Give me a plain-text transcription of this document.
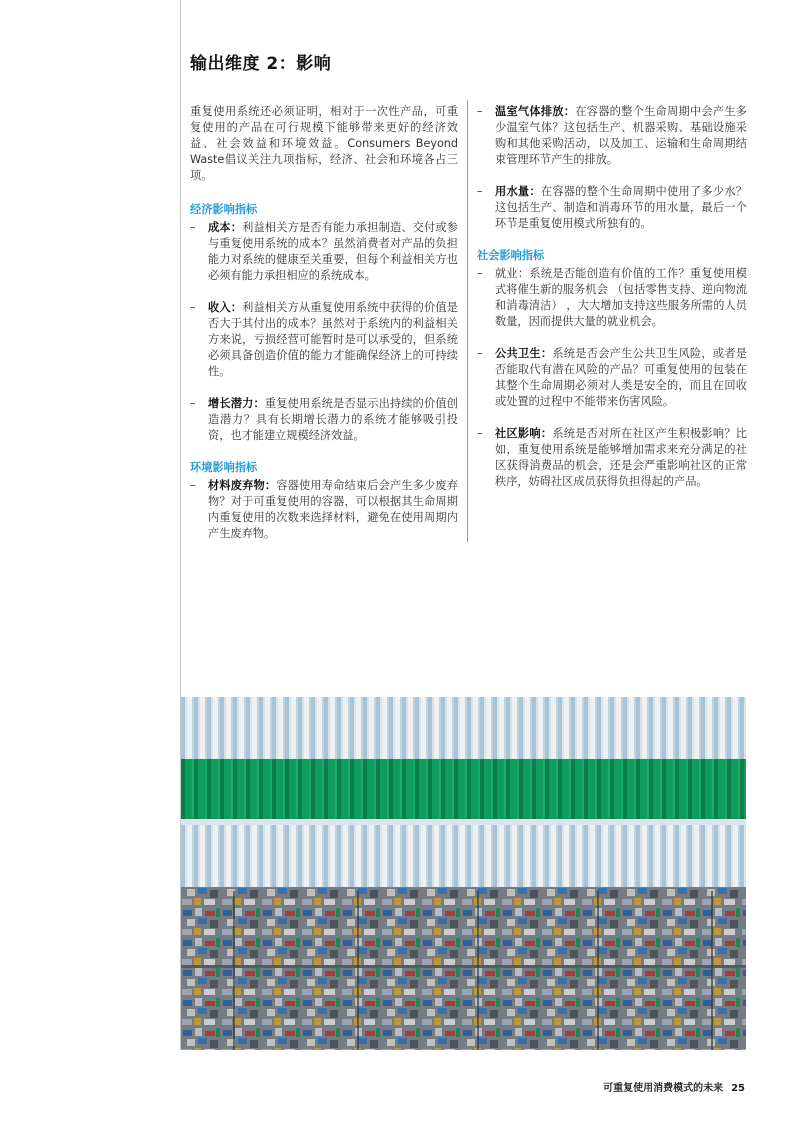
输出维度 2：影响

重复使用系统还必须证明，相对于一次性产品，可重复使用的产品在可行规模下能够带来更好的经济效益、社会效益和环境效益。Consumers Beyond Waste倡议关注九项指标，经济、社会和环境各占三项。

经济影响指标
–	成本：利益相关方是否有能力承担制造、交付或参与重复使用系统的成本？虽然消费者对产品的负担能力对系统的健康至关重要，但每个利益相关方也必须有能力承担相应的系统成本。
–	收入：利益相关方从重复使用系统中获得的价值是否大于其付出的成本？虽然对于系统内的利益相关方来说，亏损经营可能暂时是可以承受的，但系统必须具备创造价值的能力才能确保经济上的可持续性。
–	增长潜力：重复使用系统是否显示出持续的价值创造潜力？具有长期增长潜力的系统才能够吸引投资，也才能建立规模经济效益。
环境影响指标
–	材料废弃物：容器使用寿命结束后会产生多少废弃物？对于可重复使用的容器，可以根据其生命周期内重复使用的次数来选择材料，避免在使用周期内产生废弃物。
–	温室气体排放：在容器的整个生命周期中会产生多少温室气体？这包括生产、机器采购、基础设施采购和其他采购活动，以及加工、运输和生命周期结束管理环节产生的排放。
–	用水量：在容器的整个生命周期中使用了多少水？这包括生产、制造和消毒环节的用水量，最后一个环节是重复使用模式所独有的。
社会影响指标
–	就业：系统是否能创造有价值的工作？重复使用模式将催生新的服务机会 （包括零售支持、逆向物流和消毒清洁） ，大大增加支持这些服务所需的人员数量，因而提供大量的就业机会。
–	公共卫生：系统是否会产生公共卫生风险，或者是否能取代有潜在风险的产品？可重复使用的包装在其整个生命周期必须对人类是安全的，而且在回收或处置的过程中不能带来伤害风险。
–	社区影响：系统是否对所在社区产生积极影响？比如，重复使用系统是能够增加需求来充分满足的社区获得消费品的机会，还是会严重影响社区的正常秩序，妨碍社区成员获得负担得起的产品。
可重复使用消费模式的未来 25
